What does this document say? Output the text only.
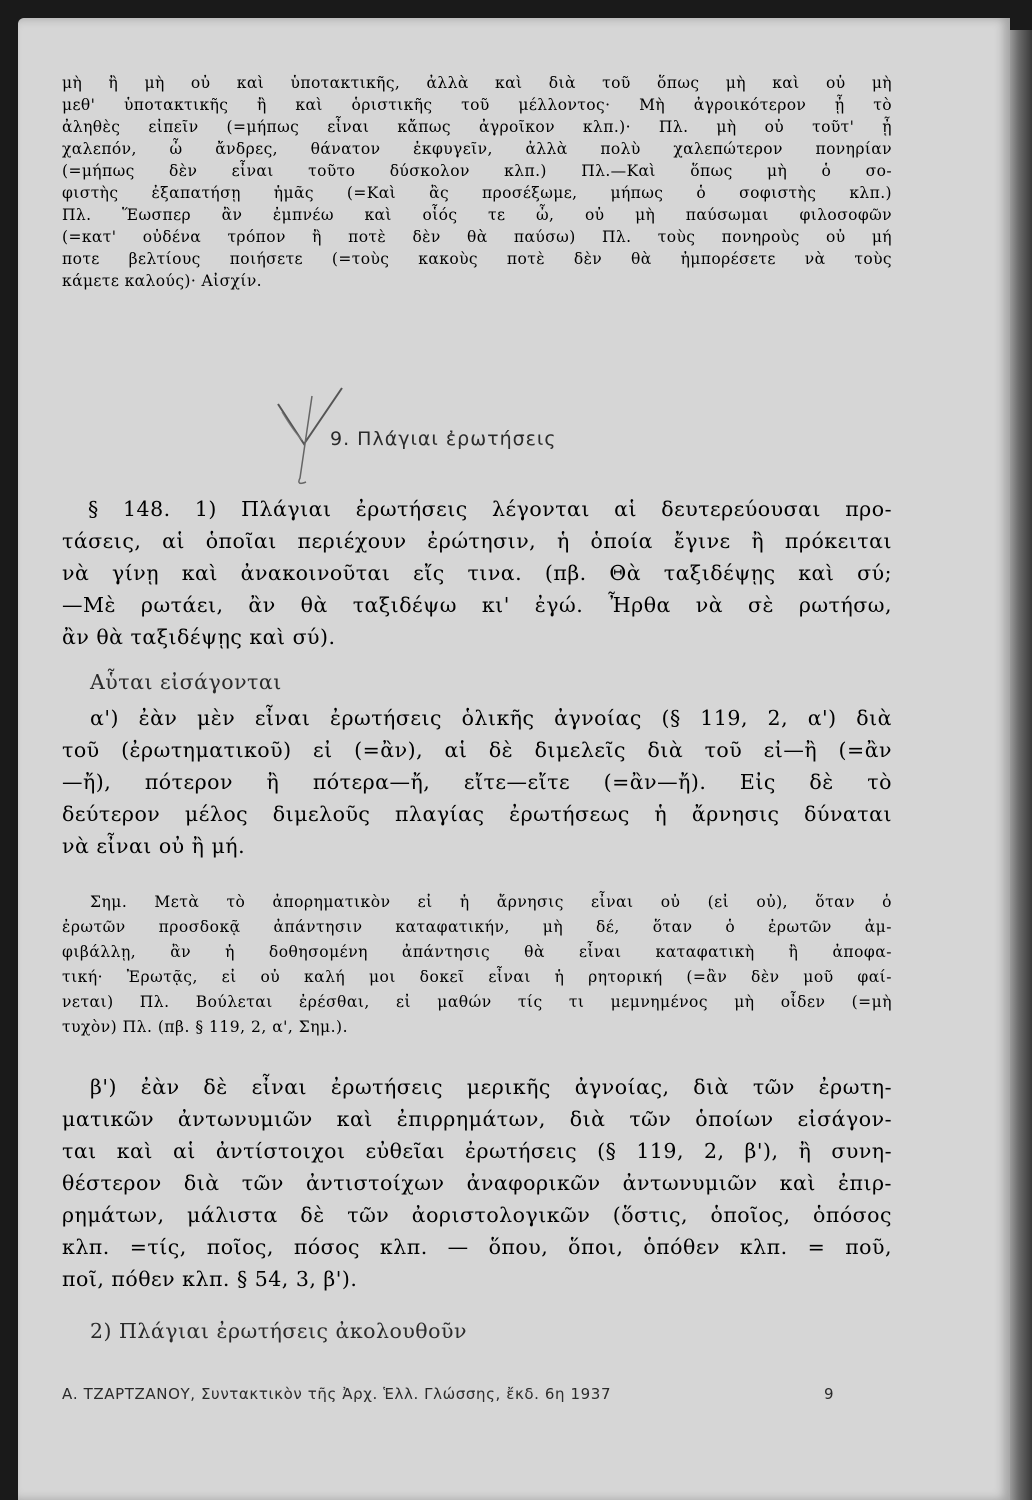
μὴ ἢ μὴ οὐ καὶ ὑποτακτικῆς, ἀλλὰ καὶ διὰ τοῦ ὅπως μὴ καὶ οὐ μὴ

μεθ' ὑποτακτικῆς ἢ καὶ ὁριστικῆς τοῦ μέλλοντος· Μὴ ἀγροικότερον ᾖ τὸ

ἀληθὲς εἰπεῖν (=μήπως εἶναι κἄπως ἀγροῖκον κλπ.)· Πλ. μὴ οὐ τοῦτ' ᾖ

χαλεπόν, ὦ ἄνδρες, θάνατον ἐκφυγεῖν, ἀλλὰ πολὺ χαλεπώτερον πονηρίαν

(=μήπως δὲν εἶναι τοῦτο δύσκολον κλπ.) Πλ.—Καὶ ὅπως μὴ ὁ σο-

φιστὴς ἐξαπατήσῃ ἡμᾶς (=Καὶ ἂς προσέξωμε, μήπως ὁ σοφιστὴς κλπ.)

Πλ. Ἕωσπερ ἂν ἐμπνέω καὶ οἷός τε ὦ, οὐ μὴ παύσωμαι φιλοσοφῶν

(=κατ' οὐδένα τρόπον ἢ ποτὲ δὲν θὰ παύσω) Πλ. τοὺς πονηροὺς οὐ μή

ποτε βελτίους ποιήσετε (=τοὺς κακοὺς ποτὲ δὲν θὰ ἠμπορέσετε νὰ τοὺς

κάμετε καλούς)· Αἰσχίν.

9. Πλάγιαι ἐρωτήσεις

§ 148. 1) Πλάγιαι ἐρωτήσεις λέγονται αἱ δευτερεύουσαι προ-

τάσεις, αἱ ὁποῖαι περιέχουν ἐρώτησιν, ἡ ὁποία ἔγινε ἢ πρόκειται

νὰ γίνῃ καὶ ἀνακοινοῦται εἴς τινα. (πβ. Θὰ ταξιδέψῃς καὶ σύ;

—Μὲ ρωτάει, ἂν θὰ ταξιδέψω κι' ἐγώ. Ἦρθα νὰ σὲ ρωτήσω,

ἂν θὰ ταξιδέψῃς καὶ σύ).

Αὗται εἰσάγονται

α') ἐὰν μὲν εἶναι ἐρωτήσεις ὁλικῆς ἀγνοίας (§ 119, 2, α') διὰ

τοῦ (ἐρωτηματικοῦ) εἰ (=ἂν), αἱ δὲ διμελεῖς διὰ τοῦ εἰ—ἢ (=ἂν

—ἤ), πότερον ἢ πότερα—ἤ, εἴτε—εἴτε (=ἂν—ἤ). Εἰς δὲ τὸ

δεύτερον μέλος διμελοῦς πλαγίας ἐρωτήσεως ἡ ἄρνησις δύναται

νὰ εἶναι οὐ ἢ μή.

Σημ. Μετὰ τὸ ἀπορηματικὸν εἰ ἡ ἄρνησις εἶναι οὐ (εἰ οὐ), ὅταν ὁ

ἐρωτῶν προσδοκᾷ ἀπάντησιν καταφατικήν, μὴ δέ, ὅταν ὁ ἐρωτῶν ἀμ-

φιβάλλῃ, ἂν ἡ δοθησομένη ἀπάντησις θὰ εἶναι καταφατικὴ ἢ ἀποφα-

τική· Ἐρωτᾷς, εἰ οὐ καλή μοι δοκεῖ εἶναι ἡ ρητορική (=ἂν δὲν μοῦ φαί-

νεται) Πλ. Βούλεται ἐρέσθαι, εἰ μαθών τίς τι μεμνημένος μὴ οἶδεν (=μὴ

τυχὸν) Πλ. (πβ. § 119, 2, α', Σημ.).

β') ἐὰν δὲ εἶναι ἐρωτήσεις μερικῆς ἀγνοίας, διὰ τῶν ἐρωτη-

ματικῶν ἀντωνυμιῶν καὶ ἐπιρρημάτων, διὰ τῶν ὁποίων εἰσάγον-

ται καὶ αἱ ἀντίστοιχοι εὐθεῖαι ἐρωτήσεις (§ 119, 2, β'), ἢ συνη-

θέστερον διὰ τῶν ἀντιστοίχων ἀναφορικῶν ἀντωνυμιῶν καὶ ἐπιρ-

ρημάτων, μάλιστα δὲ τῶν ἀοριστολογικῶν (ὅστις, ὁποῖος, ὁπόσος

κλπ. =τίς, ποῖος, πόσος κλπ. — ὅπου, ὅποι, ὁπόθεν κλπ. = ποῦ,

ποῖ, πόθεν κλπ. § 54, 3, β').

2) Πλάγιαι ἐρωτήσεις ἀκολουθοῦν
Α. ΤΖΑΡΤΖΑΝΟΥ, Συντακτικὸν τῆς Ἀρχ. Ἑλλ. Γλώσσης, ἔκδ. 6η 1937	9
